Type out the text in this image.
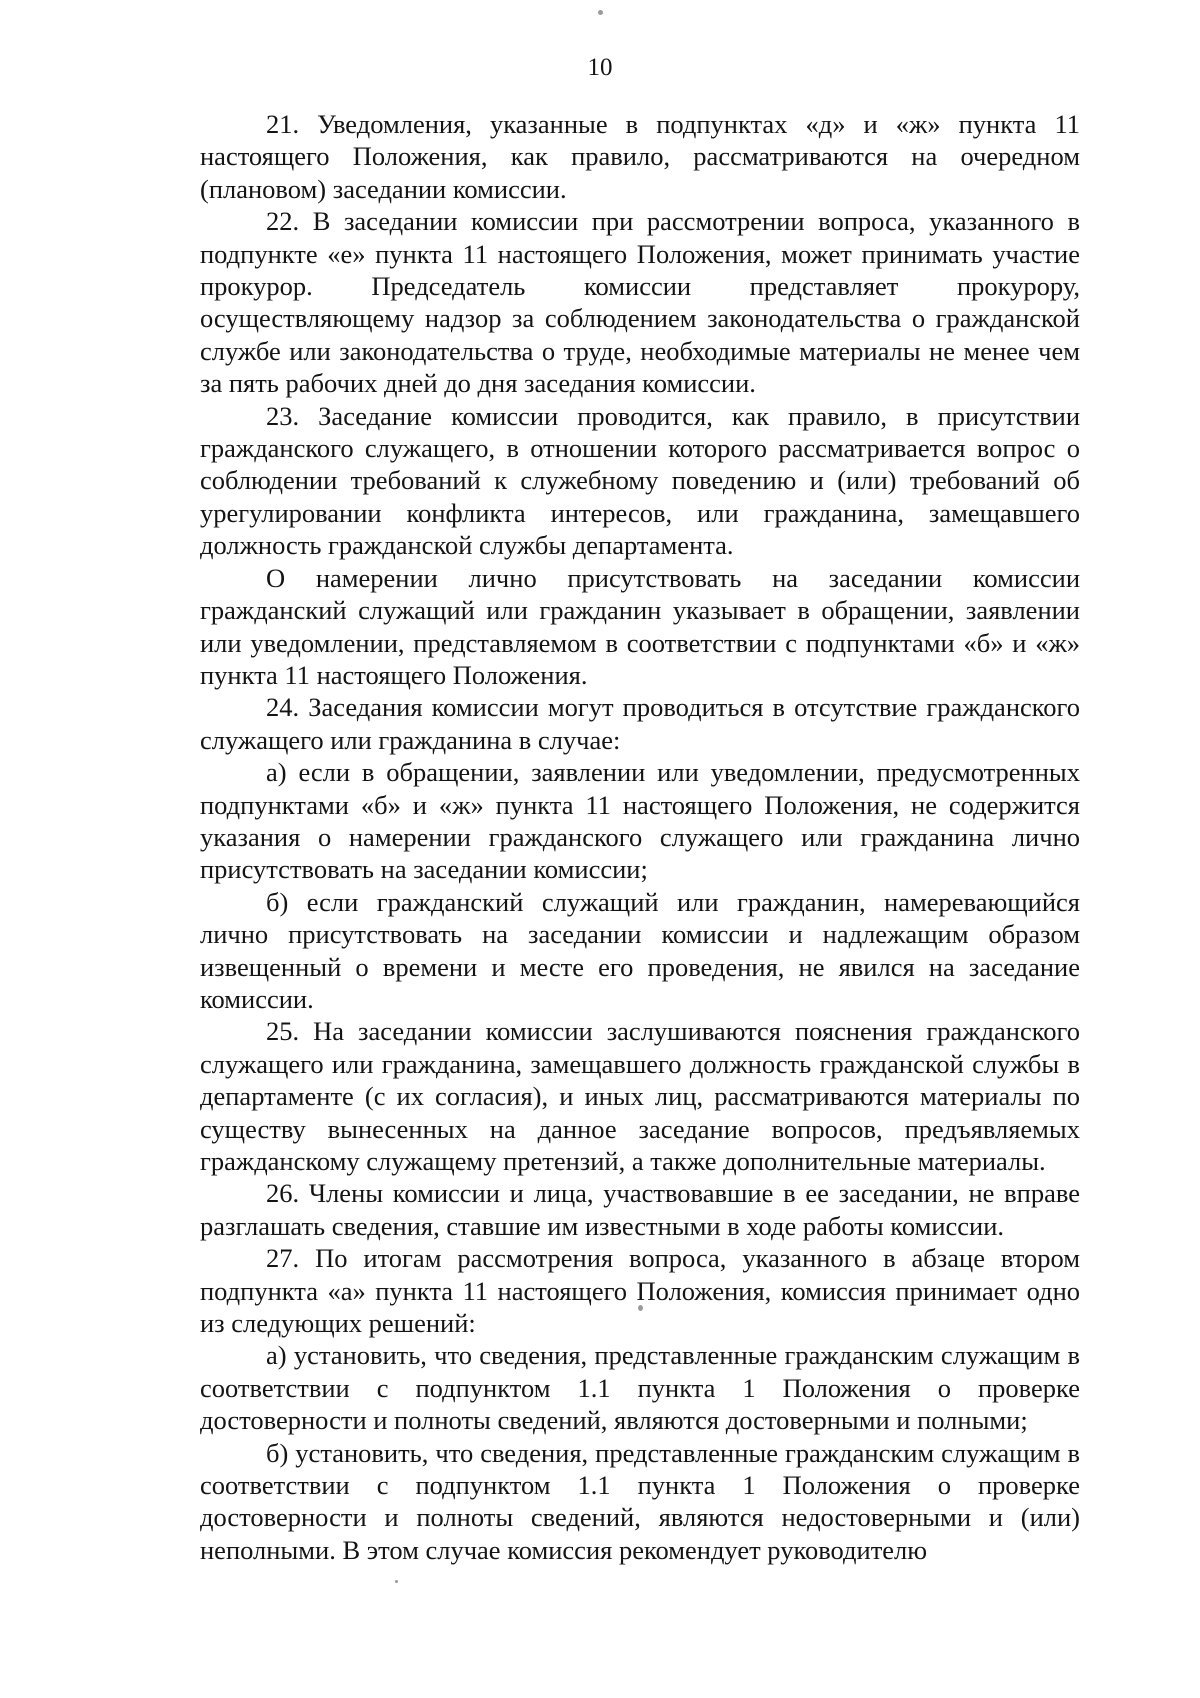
10

21. Уведомления, указанные в подпунктах «д» и «ж» пункта 11 настоящего Положения, как правило, рассматриваются на очередном (плановом) заседании комиссии.

22. В заседании комиссии при рассмотрении вопроса, указанного в подпункте «е» пункта 11 настоящего Положения, может принимать участие прокурор. Председатель комиссии представляет прокурору, осуществляющему надзор за соблюдением законодательства о гражданской службе или законодательства о труде, необходимые материалы не менее чем за пять рабочих дней до дня заседания комиссии.

23. Заседание комиссии проводится, как правило, в присутствии гражданского служащего, в отношении которого рассматривается вопрос о соблюдении требований к служебному поведению и (или) требований об урегулировании конфликта интересов, или гражданина, замещавшего должность гражданской службы департамента.

О намерении лично присутствовать на заседании комиссии гражданский служащий или гражданин указывает в обращении, заявлении или уведомлении, представляемом в соответствии с подпунктами «б» и «ж» пункта 11 настоящего Положения.

24. Заседания комиссии могут проводиться в отсутствие гражданского служащего или гражданина в случае:

а) если в обращении, заявлении или уведомлении, предусмотренных подпунктами «б» и «ж» пункта 11 настоящего Положения, не содержится указания о намерении гражданского служащего или гражданина лично присутствовать на заседании комиссии;

б) если гражданский служащий или гражданин, намеревающийся лично присутствовать на заседании комиссии и надлежащим образом извещенный о времени и месте его проведения, не явился на заседание комиссии.

25. На заседании комиссии заслушиваются пояснения гражданского служащего или гражданина, замещавшего должность гражданской службы в департаменте (с их согласия), и иных лиц, рассматриваются материалы по существу вынесенных на данное заседание вопросов, предъявляемых гражданскому служащему претензий, а также дополнительные материалы.

26. Члены комиссии и лица, участвовавшие в ее заседании, не вправе разглашать сведения, ставшие им известными в ходе работы комиссии.

27. По итогам рассмотрения вопроса, указанного в абзаце втором подпункта «а» пункта 11 настоящего Положения, комиссия принимает одно из следующих решений:

а) установить, что сведения, представленные гражданским служащим в соответствии с подпунктом 1.1 пункта 1 Положения о проверке достоверности и полноты сведений, являются достоверными и полными;

б) установить, что сведения, представленные гражданским служащим в соответствии с подпунктом 1.1 пункта 1 Положения о проверке достоверности и полноты сведений, являются недостоверными и (или) неполными. В этом случае комиссия рекомендует руководителю
